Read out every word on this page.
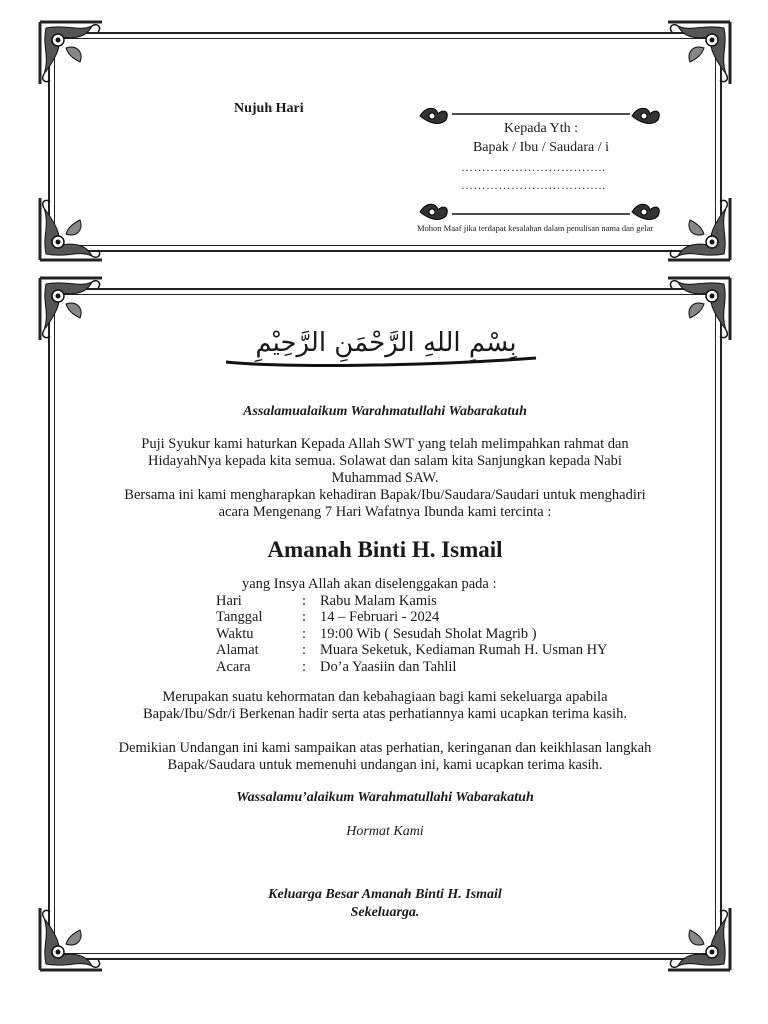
Nujuh Hari
Kepada Yth :
Bapak / Ibu / Saudara / i
……………………………..
……………………………..
Mohon Maaf jika terdapat kesalahan dalam penulisan nama dan gelar
بِسْمِ اللهِ الرَّحْمَنِ الرَّحِيْمِ
Assalamualaikum Warahmatullahi Wabarakatuh
Puji Syukur kami haturkan Kepada Allah SWT yang telah melimpahkan rahmat dan
HidayahNya kepada kita semua. Solawat dan salam kita Sanjungkan kepada Nabi
Muhammad SAW.
Bersama ini kami mengharapkan kehadiran Bapak/Ibu/Saudara/Saudari untuk menghadiri
acara Mengenang 7 Hari Wafatnya Ibunda kami tercinta :
Amanah Binti H. Ismail
yang Insya Allah akan diselenggakan pada :
Hari	: Rabu Malam Kamis
Tanggal	: 14 – Februari - 2024
Waktu	: 19:00 Wib ( Sesudah Sholat Magrib )
Alamat	: Muara Seketuk, Kediaman Rumah H. Usman HY
Acara	: Do’a Yaasiin dan Tahlil
Merupakan suatu kehormatan dan kebahagiaan bagi kami sekeluarga apabila
Bapak/Ibu/Sdr/i Berkenan hadir serta atas perhatiannya kami ucapkan terima kasih.
Demikian Undangan ini kami sampaikan atas perhatian, keringanan dan keikhlasan langkah
Bapak/Saudara untuk memenuhi undangan ini, kami ucapkan terima kasih.
Wassalamu’alaikum Warahmatullahi Wabarakatuh
Hormat Kami
Keluarga Besar Amanah Binti H. Ismail
Sekeluarga.
